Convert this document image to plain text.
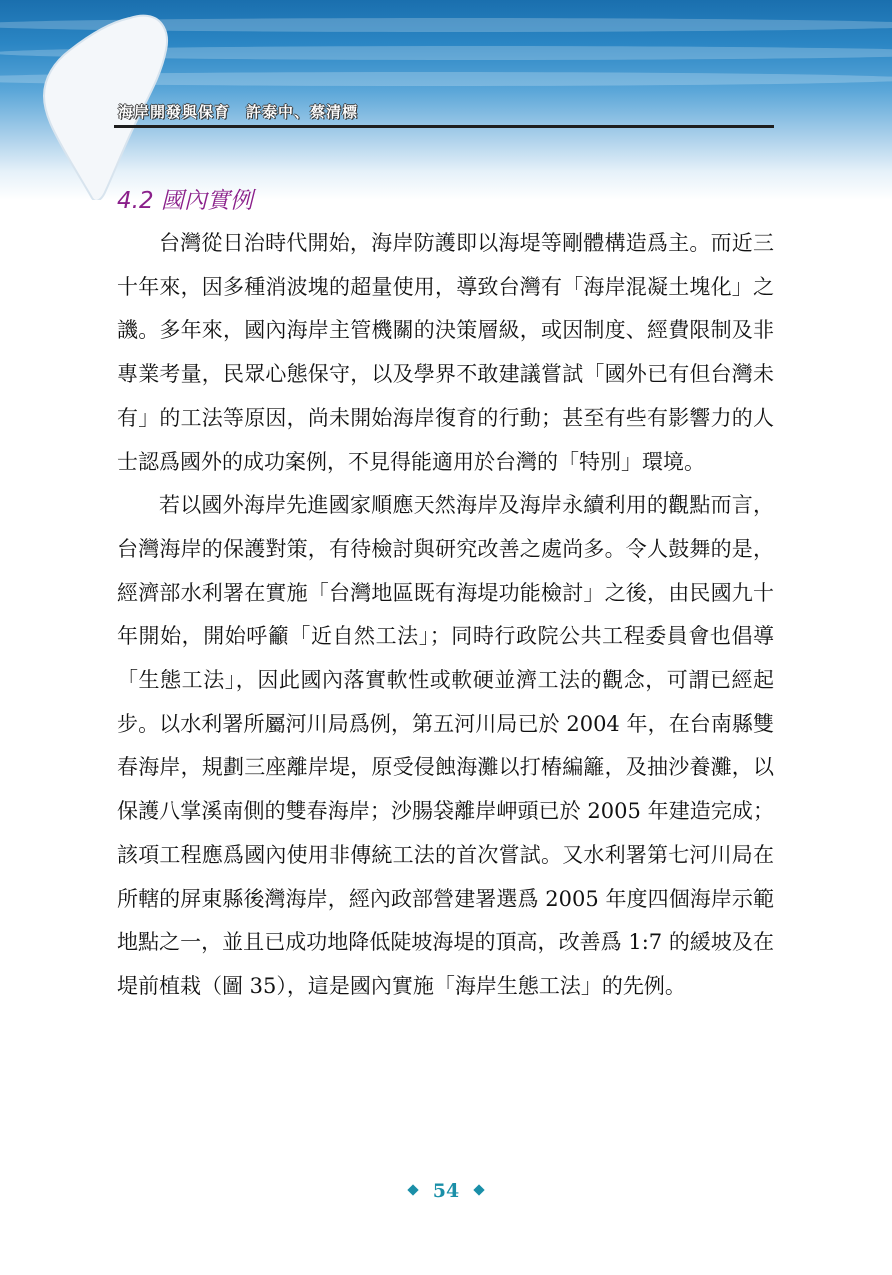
海岸開發與保育　許泰中、蔡清標
4.2 國內實例

台灣從日治時代開始，海岸防護即以海堤等剛體構造爲主。而近三十年來，因多種消波塊的超量使用，導致台灣有「海岸混凝土塊化」之譏。多年來，國內海岸主管機關的決策層級，或因制度、經費限制及非專業考量，民眾心態保守，以及學界不敢建議嘗試「國外已有但台灣未有」的工法等原因，尚未開始海岸復育的行動；甚至有些有影響力的人士認爲國外的成功案例，不見得能適用於台灣的「特別」環境。

若以國外海岸先進國家順應天然海岸及海岸永續利用的觀點而言，台灣海岸的保護對策，有待檢討與研究改善之處尚多。令人鼓舞的是，經濟部水利署在實施「台灣地區既有海堤功能檢討」之後，由民國九十年開始，開始呼籲「近自然工法」；同時行政院公共工程委員會也倡導「生態工法」，因此國內落實軟性或軟硬並濟工法的觀念，可謂已經起步。以水利署所屬河川局爲例，第五河川局已於 2004 年，在台南縣雙春海岸，規劃三座離岸堤，原受侵蝕海灘以打樁編籬，及抽沙養灘，以保護八掌溪南側的雙春海岸；沙腸袋離岸岬頭已於 2005 年建造完成；該項工程應爲國內使用非傳統工法的首次嘗試。又水利署第七河川局在所轄的屏東縣後灣海岸，經內政部營建署選爲 2005 年度四個海岸示範地點之一，並且已成功地降低陡坡海堤的頂高，改善爲 1:7 的緩坡及在堤前植栽（圖 35），這是國內實施「海岸生態工法」的先例。

54
